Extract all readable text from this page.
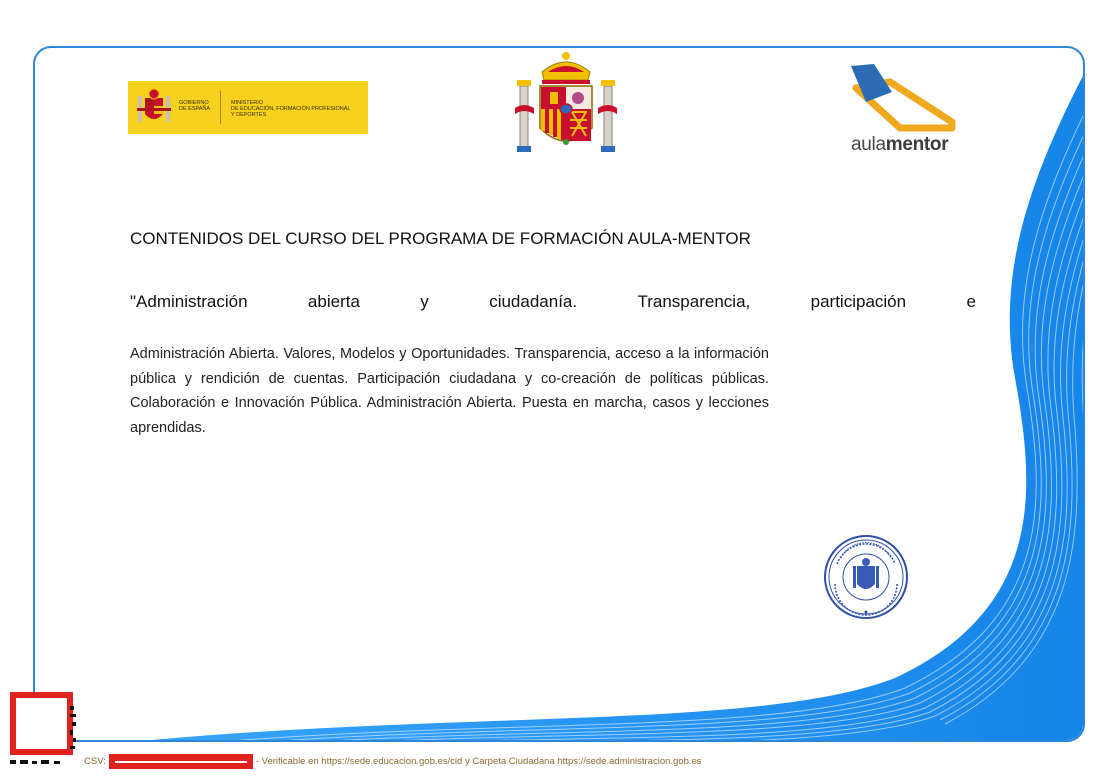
GOBIERNO
DE ESPAÑA
MINISTERIO
DE EDUCACIÓN, FORMACIÓN PROFESIONAL
Y DEPORTES
aulamentor
CONTENIDOS DEL CURSO DEL PROGRAMA DE FORMACIÓN AULA-MENTOR
"Administración	abierta	y	ciudadanía.	Transparencia,	participación	e
Administración Abierta. Valores, Modelos y Oportunidades. Transparencia, acceso a la información pública y rendición de cuentas. Participación ciudadana y co-creación de políticas públicas. Colaboración e Innovación Pública. Administración Abierta. Puesta en marcha, casos y lecciones aprendidas.
CSV:	- Verificable en https://sede.educacion.gob.es/cid y Carpeta Ciudadana https://sede.administracion.gob.es
